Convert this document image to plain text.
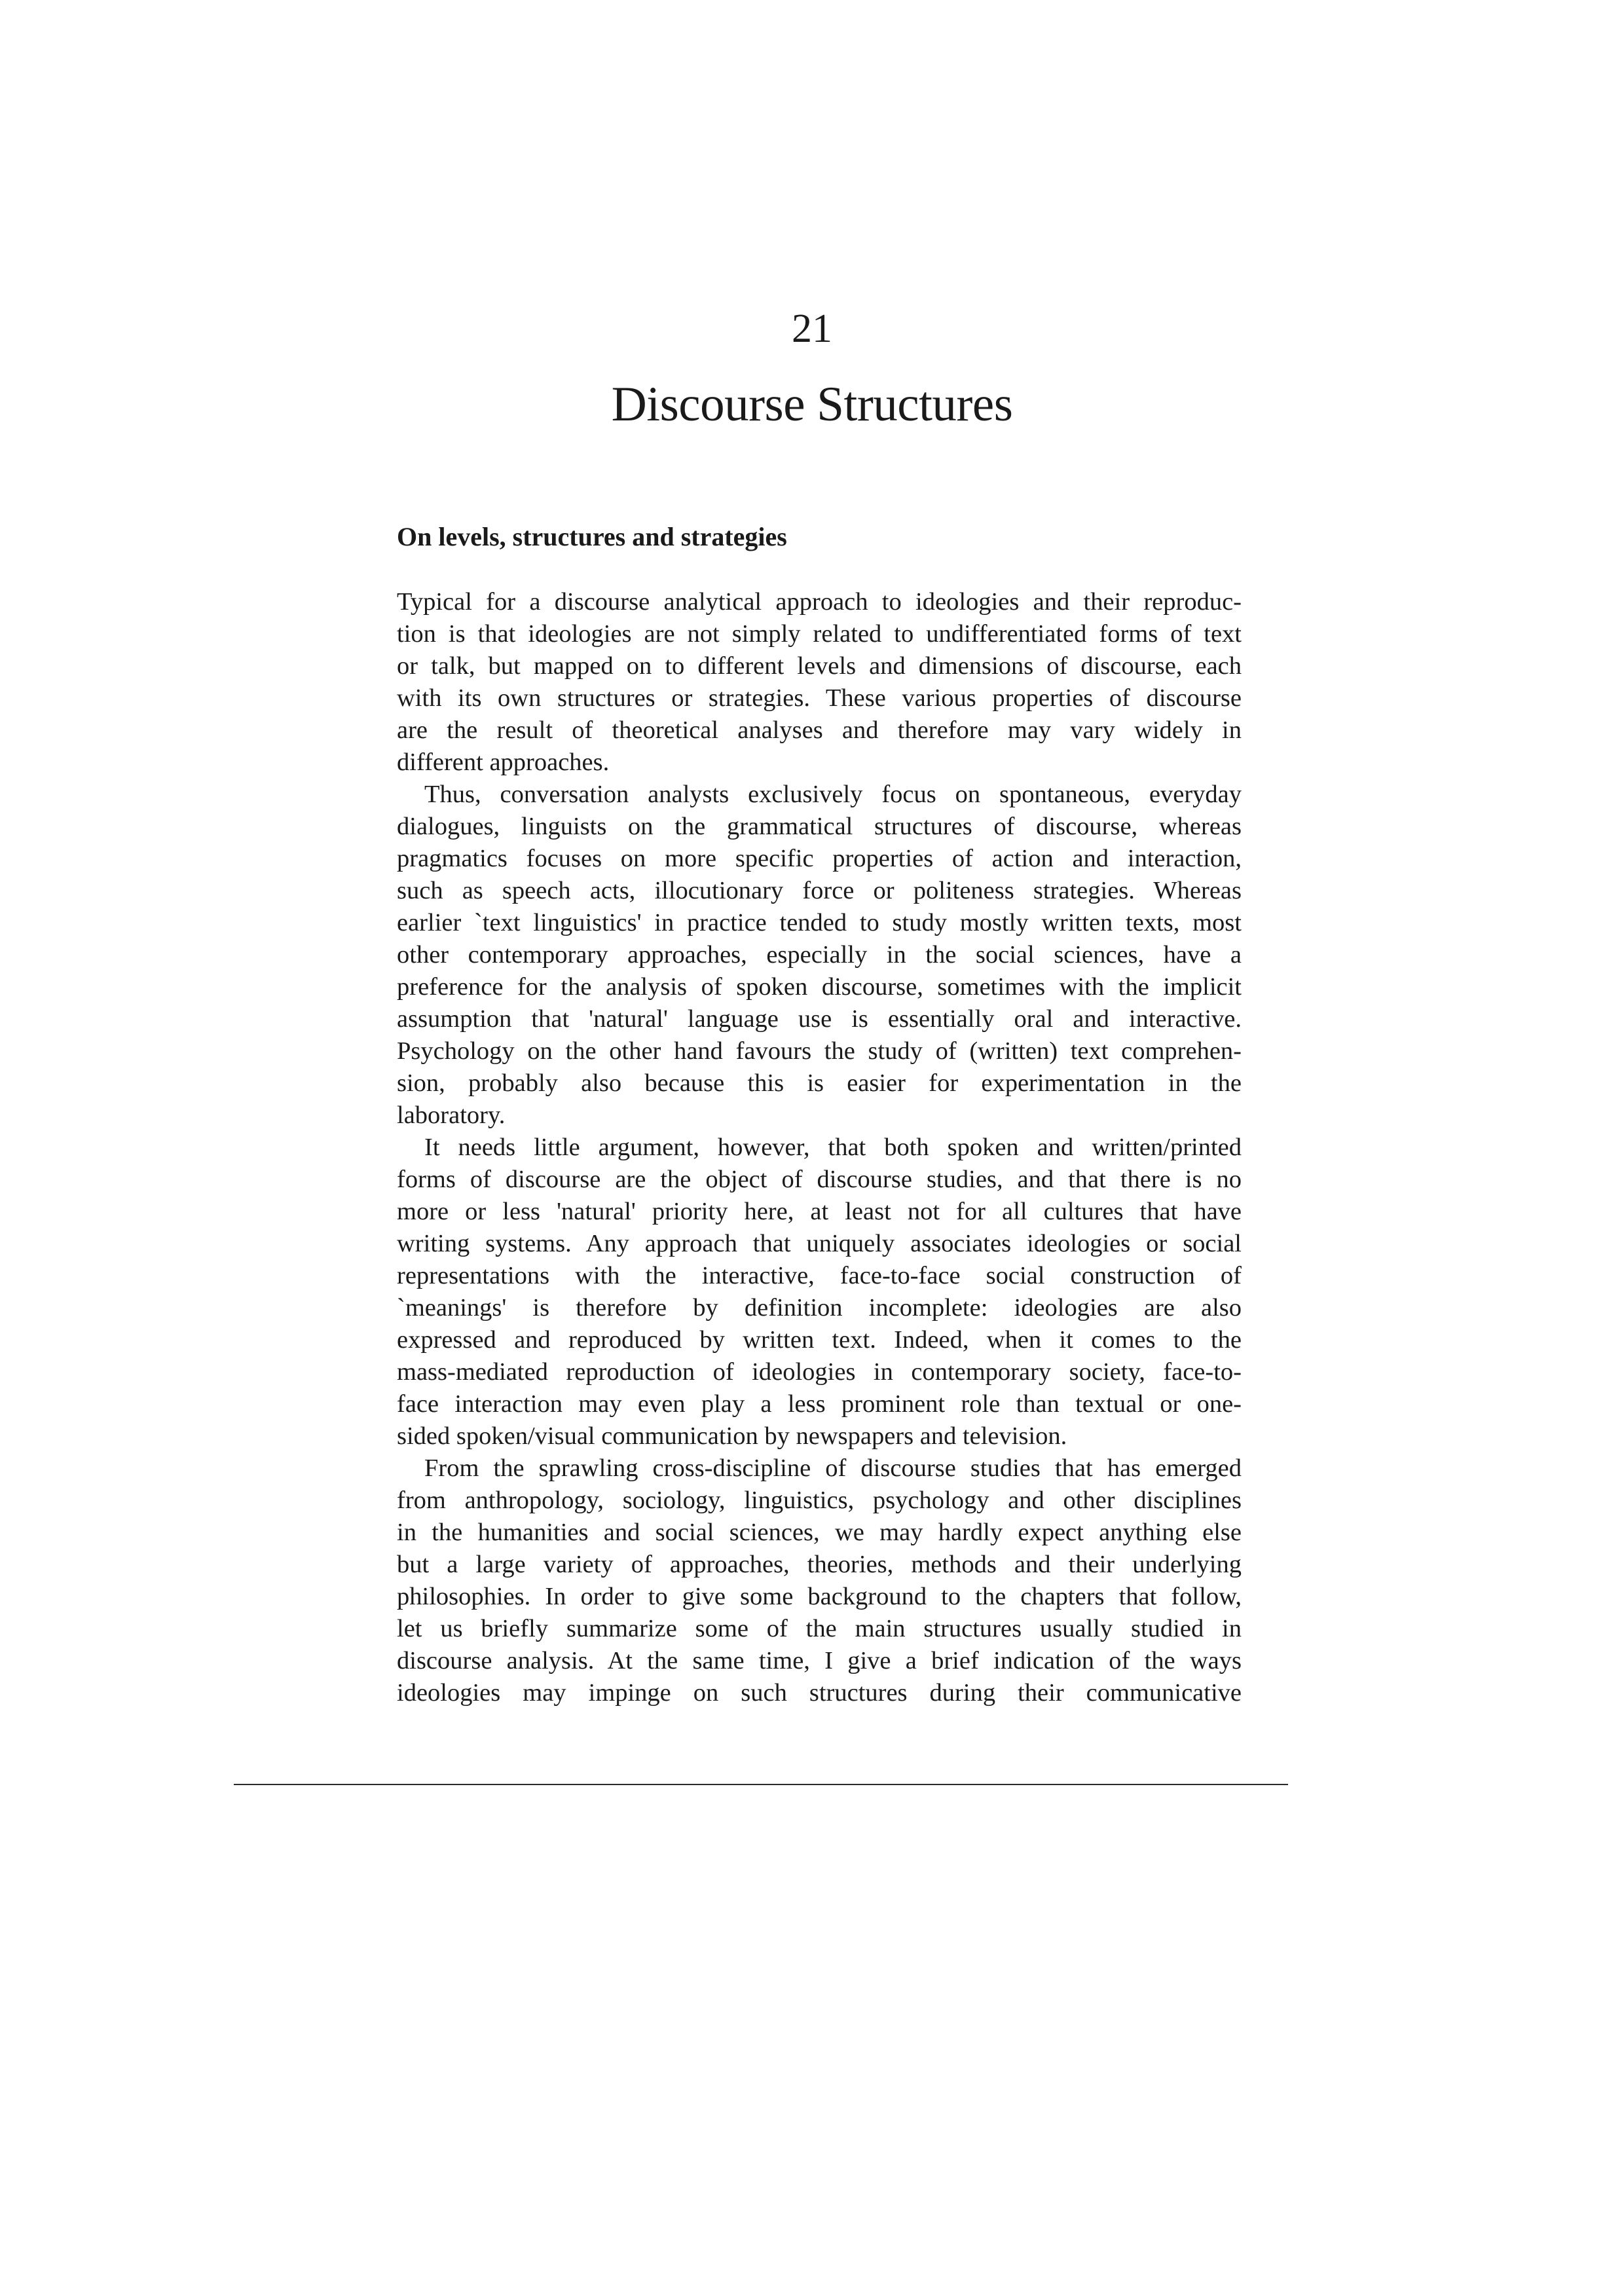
21
Discourse Structures
On levels, structures and strategies

Typical for a discourse analytical approach to ideologies and their reproduc-
tion is that ideologies are not simply related to undifferentiated forms of text
or talk, but mapped on to different levels and dimensions of discourse, each
with its own structures or strategies. These various properties of discourse
are the result of theoretical analyses and therefore may vary widely in
different approaches.

Thus, conversation analysts exclusively focus on spontaneous, everyday
dialogues, linguists on the grammatical structures of discourse, whereas
pragmatics focuses on more specific properties of action and interaction,
such as speech acts, illocutionary force or politeness strategies. Whereas
earlier `text linguistics' in practice tended to study mostly written texts, most
other contemporary approaches, especially in the social sciences, have a
preference for the analysis of spoken discourse, sometimes with the implicit
assumption that 'natural' language use is essentially oral and interactive.
Psychology on the other hand favours the study of (written) text comprehen-
sion, probably also because this is easier for experimentation in the
laboratory.

It needs little argument, however, that both spoken and written/printed
forms of discourse are the object of discourse studies, and that there is no
more or less 'natural' priority here, at least not for all cultures that have
writing systems. Any approach that uniquely associates ideologies or social
representations with the interactive, face-to-face social construction of
`meanings' is therefore by definition incomplete: ideologies are also
expressed and reproduced by written text. Indeed, when it comes to the
mass-mediated reproduction of ideologies in contemporary society, face-to-
face interaction may even play a less prominent role than textual or one-
sided spoken/visual communication by newspapers and television.

From the sprawling cross-discipline of discourse studies that has emerged
from anthropology, sociology, linguistics, psychology and other disciplines
in the humanities and social sciences, we may hardly expect anything else
but a large variety of approaches, theories, methods and their underlying
philosophies. In order to give some background to the chapters that follow,
let us briefly summarize some of the main structures usually studied in
discourse analysis. At the same time, I give a brief indication of the ways
ideologies may impinge on such structures during their communicative
